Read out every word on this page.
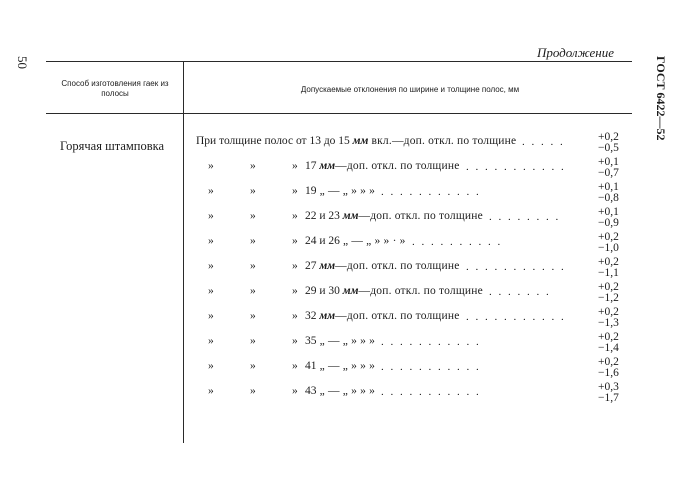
50	ГОСТ 6422—52
Продолжение
Способ изготовления гаек из полосы	Допускаемые отклонения по ширине и толщине полос, мм
Горячая штамповка	При толщине полос от 13 до 15 мм вкл.—доп. откл. по толщине . . . . .	+0,2
−0,5
»	»	» 17 мм—доп. откл. по толщине . . . . . . . . . . .	+0,1
−0,7
»	»	» 19 „ — „ » » » . . . . . . . . . . .	+0,1
−0,8
»	»	» 22 и 23 мм—доп. откл. по толщине . . . . . . . .	+0,1
−0,9
»	»	» 24 и 26 „ — „ » » · » . . . . . . . . . .	+0,2
−1,0
»	»	» 27 мм—доп. откл. по толщине . . . . . . . . . . .	+0,2
−1,1
»	»	» 29 и 30 мм—доп. откл. по толщине . . . . . . .	+0,2
−1,2
»	»	» 32 мм—доп. откл. по толщине . . . . . . . . . . .	+0,2
−1,3
»	»	» 35 „ — „ » » » . . . . . . . . . . .	+0,2
−1,4
»	»	» 41 „ — „ » » » . . . . . . . . . . .	+0,2
−1,6
»	»	» 43 „ — „ » » » . . . . . . . . . . .	+0,3
−1,7
